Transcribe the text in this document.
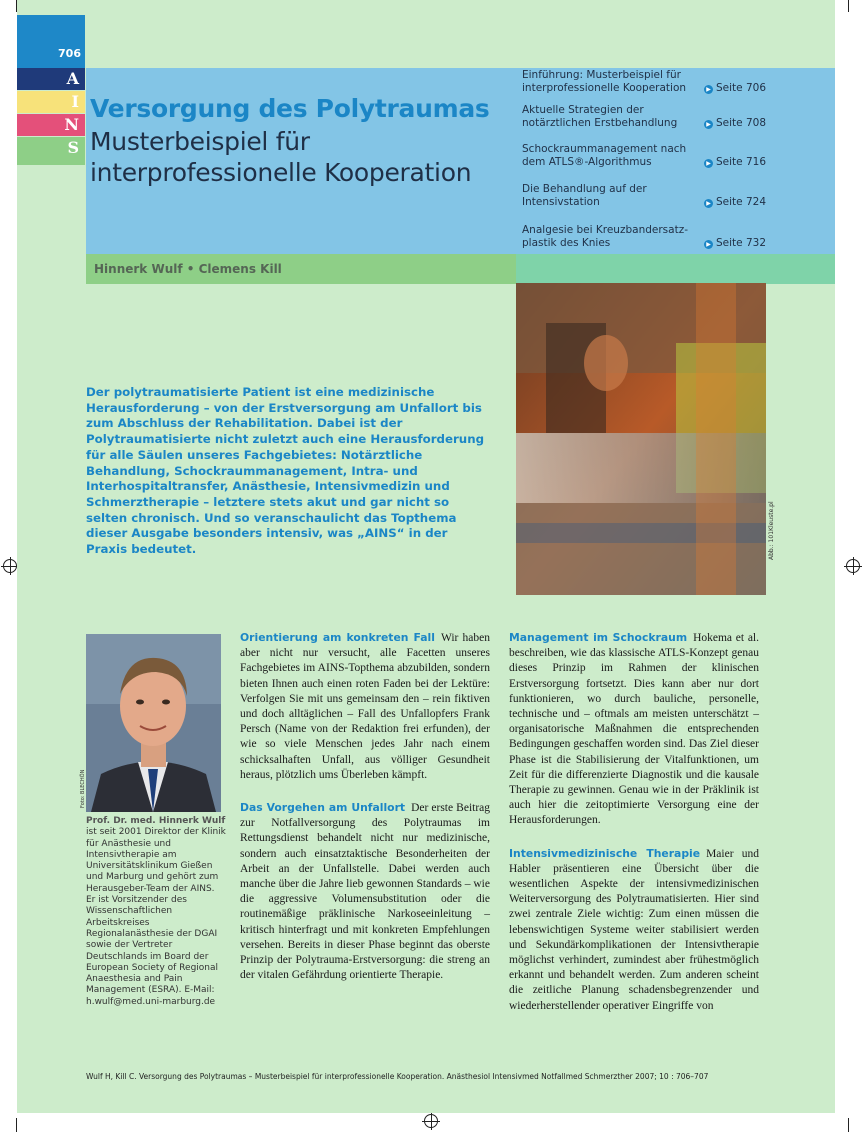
706
A
I
N
S
Versorgung des Polytraumas
Musterbeispiel für interprofessionelle Kooperation
Einführung: Musterbeispiel für interprofessionelle Kooperation	▶ Seite 706
Aktuelle Strategien der notärztlichen Erstbehandlung	▶ Seite 708
Schockraummanagement nach dem ATLS®-Algorithmus	▶ Seite 716
Die Behandlung auf der Intensivstation	▶ Seite 724
Analgesie bei Kreuzbandersatz-plastik des Knies	▶ Seite 732
Hinnerk Wulf • Clemens Kill
Abb.: 101Kleuste.pl
Der polytraumatisierte Patient ist eine medizinische Herausforderung – von der Erstversorgung am Unfallort bis zum Abschluss der Rehabilitation. Dabei ist der Polytraumatisierte nicht zuletzt auch eine Herausforderung für alle Säulen unseres Fachgebietes: Notärztliche Behandlung, Schockraummanagement, Intra- und Interhospitaltransfer, Anästhesie, Intensivmedizin und Schmerztherapie – letztere stets akut und gar nicht so selten chronisch. Und so veranschaulicht das Topthema dieser Ausgabe besonders intensiv, was „AINS“ in der Praxis bedeutet.
Foto: BLECHÖN
Prof. Dr. med. Hinnerk Wulf ist seit 2001 Direktor der Klinik für Anästhesie und Intensivtherapie am Universitätsklinikum Gießen und Marburg und gehört zum Herausgeber-Team der AINS. Er ist Vorsitzender des Wissenschaftlichen Arbeitskreises Regionalanästhesie der DGAI sowie der Vertreter Deutschlands im Board der European Society of Regional Anaesthesia and Pain Management (ESRA). E-Mail: h.wulf@med.uni-marburg.de

Orientierung am konkreten Fall Wir haben aber nicht nur versucht, alle Facetten unseres Fachgebietes im AINS-Topthema abzubilden, sondern bieten Ihnen auch einen roten Faden bei der Lektüre: Verfolgen Sie mit uns gemeinsam den – rein fiktiven und doch alltäglichen – Fall des Unfallopfers Frank Persch (Name von der Redaktion frei erfunden), der wie so viele Menschen jedes Jahr nach einem schicksalhaften Unfall, aus völliger Gesundheit heraus, plötzlich ums Überleben kämpft.

Das Vorgehen am Unfallort Der erste Beitrag zur Notfallversorgung des Polytraumas im Rettungsdienst behandelt nicht nur medizinische, sondern auch einsatztaktische Besonderheiten der Arbeit an der Unfallstelle. Dabei werden auch manche über die Jahre lieb gewonnen Standards – wie die aggressive Volumensubstitution oder die routinemäßige präklinische Narkoseeinleitung – kritisch hinterfragt und mit konkreten Empfehlungen versehen. Bereits in dieser Phase beginnt das oberste Prinzip der Polytrauma-Erstversorgung: die streng an der vitalen Gefährdung orientierte Therapie.

Management im Schockraum Hokema et al. beschreiben, wie das klassische ATLS-Konzept genau dieses Prinzip im Rahmen der klinischen Erstversorgung fortsetzt. Dies kann aber nur dort funktionieren, wo durch bauliche, personelle, technische und – oftmals am meisten unterschätzt – organisatorische Maßnahmen die entsprechenden Bedingungen geschaffen worden sind. Das Ziel dieser Phase ist die Stabilisierung der Vitalfunktionen, um Zeit für die differenzierte Diagnostik und die kausale Therapie zu gewinnen. Genau wie in der Präklinik ist auch hier die zeitoptimierte Versorgung eine der Herausforderungen.

Intensivmedizinische Therapie Maier und Habler präsentieren eine Übersicht über die wesentlichen Aspekte der intensivmedizinischen Weiterversorgung des Polytraumatisierten. Hier sind zwei zentrale Ziele wichtig: Zum einen müssen die lebenswichtigen Systeme weiter stabilisiert werden und Sekundärkomplikationen der Intensivtherapie möglichst verhindert, zumindest aber frühestmöglich erkannt und behandelt werden. Zum anderen scheint die zeitliche Planung schadensbegrenzender und wiederherstellender operativer Eingriffe von

Wulf H, Kill C. Versorgung des Polytraumas – Musterbeispiel für interprofessionelle Kooperation. Anästhesiol Intensivmed Notfallmed Schmerzther 2007; 10 : 706–707
